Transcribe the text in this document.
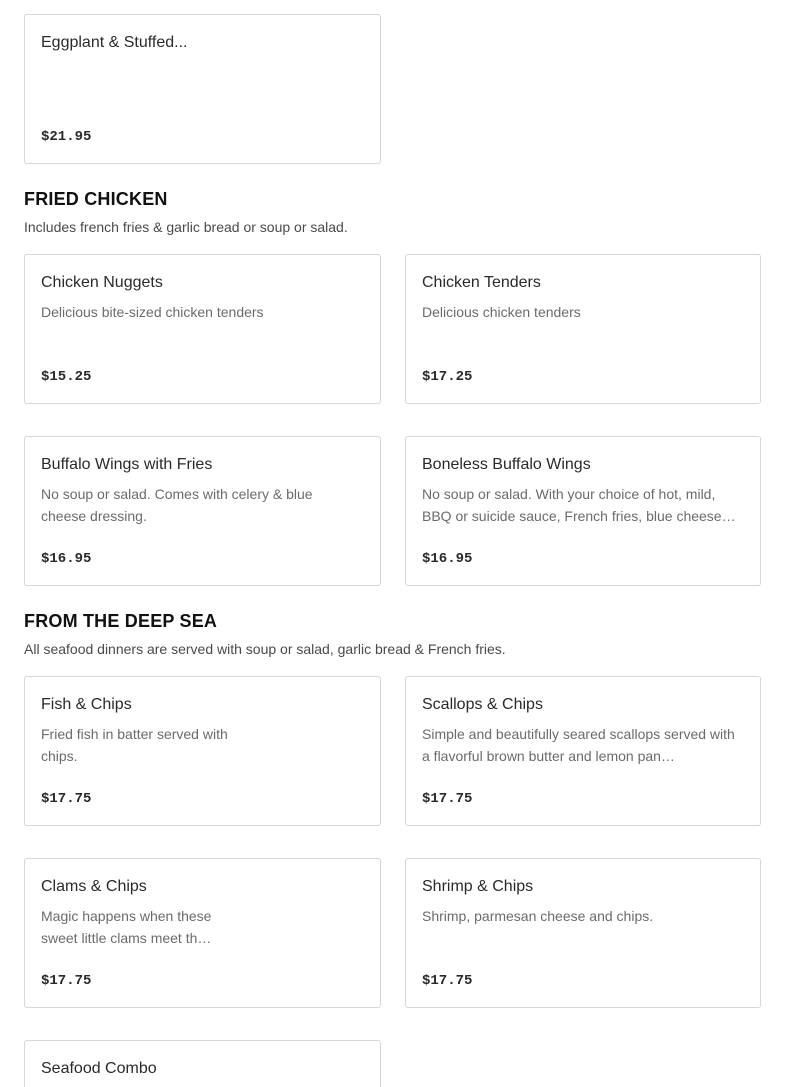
Eggplant & Stuffed...
$21.95
FRIED CHICKEN
Includes french fries & garlic bread or soup or salad.
Chicken Nuggets
Delicious bite-sized chicken tenders
$15.25
Chicken Tenders
Delicious chicken tenders
$17.25
Buffalo Wings with Fries
No soup or salad. Comes with celery & blue cheese dressing.
$16.95
Boneless Buffalo Wings
No soup or salad. With your choice of hot, mild, BBQ or suicide sauce, French fries, blue cheese…
$16.95
FROM THE DEEP SEA
All seafood dinners are served with soup or salad, garlic bread & French fries.
Fish & Chips
Fried fish in batter served with chips.
$17.75
Scallops & Chips
Simple and beautifully seared scallops served with a flavorful brown butter and lemon pan…
$17.75
Clams & Chips
Magic happens when these sweet little clams meet th…
$17.75
Shrimp & Chips
Shrimp, parmesan cheese and chips.
$17.75
Seafood Combo
